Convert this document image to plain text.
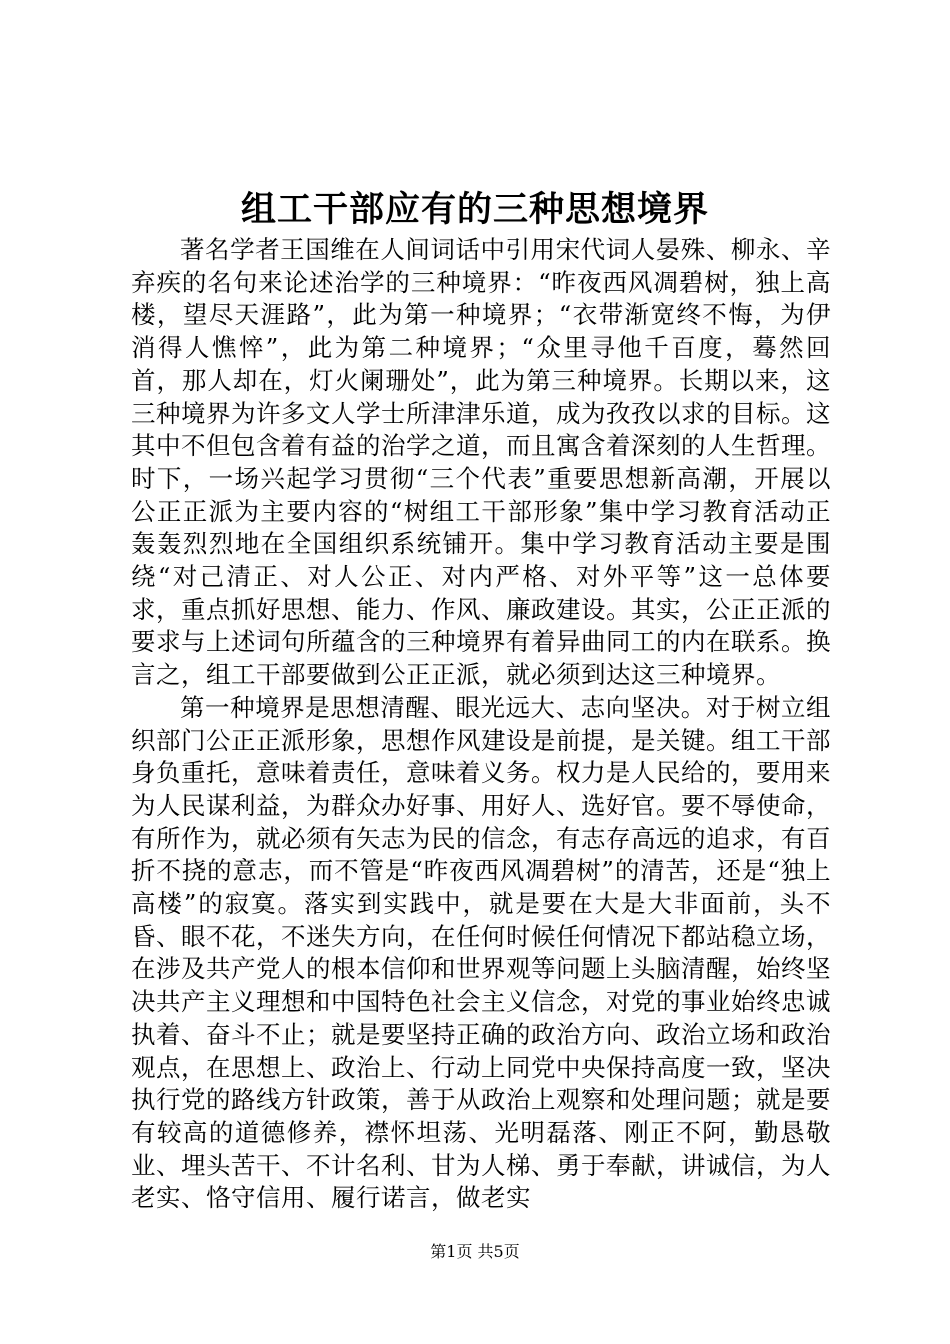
组工干部应有的三种思想境界

著名学者王国维在人间词话中引用宋代词人晏殊、柳永、辛弃疾的名句来论述治学的三种境界：“昨夜西风凋碧树，独上高楼，望尽天涯路”，此为第一种境界；“衣带渐宽终不悔，为伊消得人憔悴”，此为第二种境界；“众里寻他千百度，蓦然回首，那人却在，灯火阑珊处”，此为第三种境界。长期以来，这三种境界为许多文人学士所津津乐道，成为孜孜以求的目标。这其中不但包含着有益的治学之道，而且寓含着深刻的人生哲理。时下，一场兴起学习贯彻“三个代表”重要思想新高潮，开展以公正正派为主要内容的“树组工干部形象”集中学习教育活动正轰轰烈烈地在全国组织系统铺开。集中学习教育活动主要是围绕“对己清正、对人公正、对内严格、对外平等”这一总体要求，重点抓好思想、能力、作风、廉政建设。其实，公正正派的要求与上述词句所蕴含的三种境界有着异曲同工的内在联系。换言之，组工干部要做到公正正派，就必须到达这三种境界。

第一种境界是思想清醒、眼光远大、志向坚决。对于树立组织部门公正正派形象，思想作风建设是前提，是关键。组工干部身负重托，意味着责任，意味着义务。权力是人民给的，要用来为人民谋利益，为群众办好事、用好人、选好官。要不辱使命，有所作为，就必须有矢志为民的信念，有志存高远的追求，有百折不挠的意志，而不管是“昨夜西风凋碧树”的清苦，还是“独上高楼”的寂寞。落实到实践中，就是要在大是大非面前，头不昏、眼不花，不迷失方向，在任何时候任何情况下都站稳立场，在涉及共产党人的根本信仰和世界观等问题上头脑清醒，始终坚决共产主义理想和中国特色社会主义信念，对党的事业始终忠诚执着、奋斗不止；就是要坚持正确的政治方向、政治立场和政治观点，在思想上、政治上、行动上同党中央保持高度一致，坚决执行党的路线方针政策，善于从政治上观察和处理问题；就是要有较高的道德修养，襟怀坦荡、光明磊落、刚正不阿，勤恳敬业、埋头苦干、不计名利、甘为人梯、勇于奉献，讲诚信，为人老实、恪守信用、履行诺言，做老实

第1页 共5页
